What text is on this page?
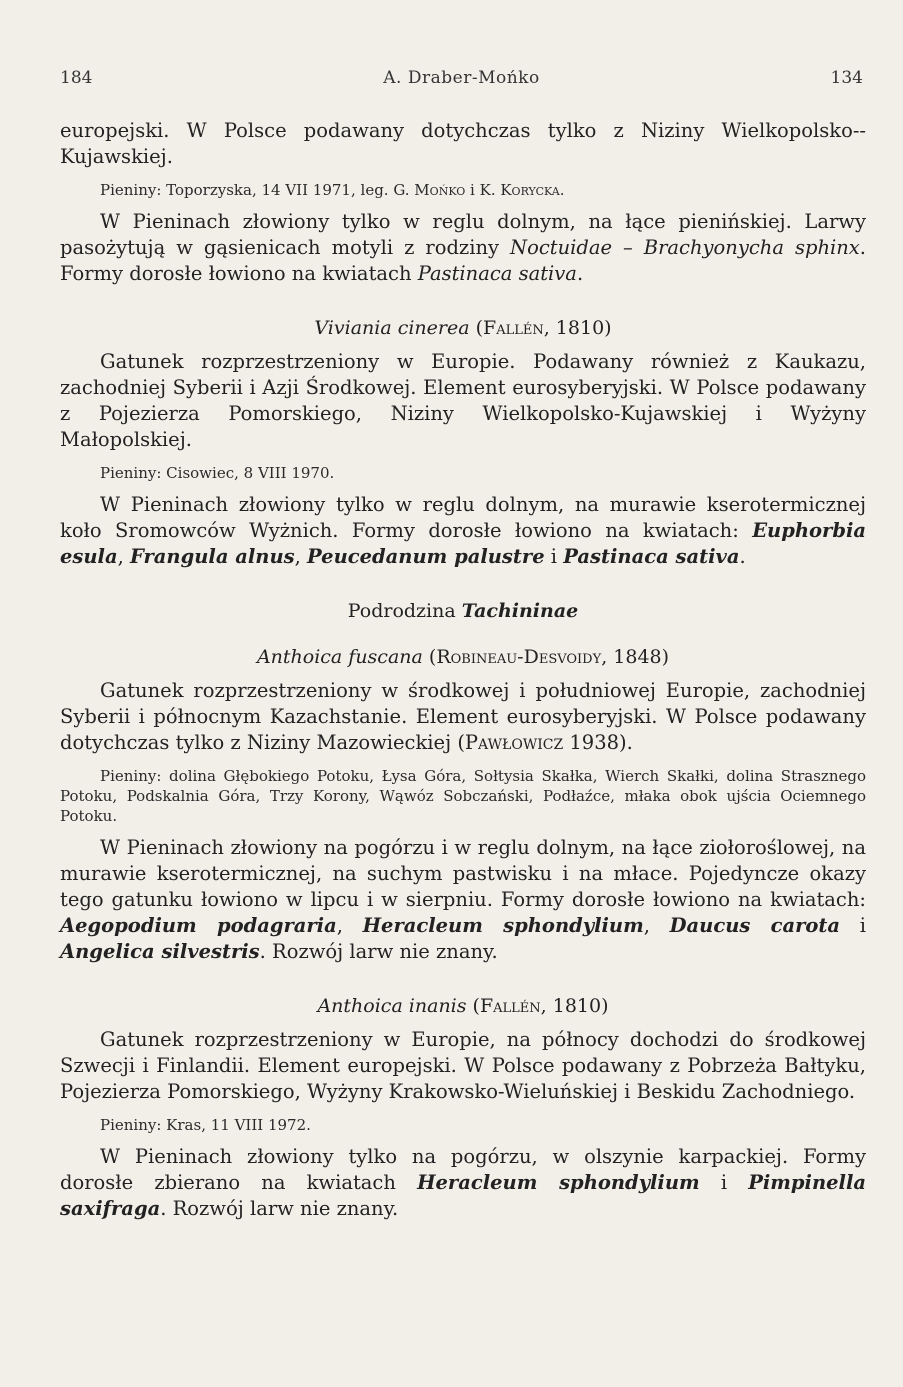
184	A. Draber-Mońko	134

europejski. W Polsce podawany dotychczas tylko z Niziny Wielkopolsko--Kujawskiej.

Pieniny: Toporzyska, 14 VII 1971, leg. G. Mońko i K. Korycka.

W Pieninach złowiony tylko w reglu dolnym, na łące pienińskiej. Larwy pasożytują w gąsienicach motyli z rodziny Noctuidae – Brachyonycha sphinx. Formy dorosłe łowiono na kwiatach Pastinaca sativa.

Viviania cinerea (Fallén, 1810)

Gatunek rozprzestrzeniony w Europie. Podawany również z Kaukazu, zachodniej Syberii i Azji Środkowej. Element eurosyberyjski. W Polsce podawany z Pojezierza Pomorskiego, Niziny Wielkopolsko-Kujawskiej i Wyżyny Małopolskiej.

Pieniny: Cisowiec, 8 VIII 1970.

W Pieninach złowiony tylko w reglu dolnym, na murawie kserotermicznej koło Sromowców Wyżnich. Formy dorosłe łowiono na kwiatach: Euphorbia esula, Frangula alnus, Peucedanum palustre i Pastinaca sativa.

Podrodzina Tachininae

Anthoica fuscana (Robineau-Desvoidy, 1848)

Gatunek rozprzestrzeniony w środkowej i południowej Europie, zachodniej Syberii i północnym Kazachstanie. Element eurosyberyjski. W Polsce podawany dotychczas tylko z Niziny Mazowieckiej (Pawłowicz 1938).

Pieniny: dolina Głębokiego Potoku, Łysa Góra, Sołtysia Skałka, Wierch Skałki, dolina Strasznego Potoku, Podskalnia Góra, Trzy Korony, Wąwóz Sobczański, Podłaźce, młaka obok ujścia Ociemnego Potoku.

W Pieninach złowiony na pogórzu i w reglu dolnym, na łące ziołoroślowej, na murawie kserotermicznej, na suchym pastwisku i na młace. Pojedyncze okazy tego gatunku łowiono w lipcu i w sierpniu. Formy dorosłe łowiono na kwiatach: Aegopodium podagraria, Heracleum sphondylium, Daucus carota i Angelica silvestris. Rozwój larw nie znany.

Anthoica inanis (Fallén, 1810)

Gatunek rozprzestrzeniony w Europie, na północy dochodzi do środkowej Szwecji i Finlandii. Element europejski. W Polsce podawany z Pobrzeża Bałtyku, Pojezierza Pomorskiego, Wyżyny Krakowsko-Wieluńskiej i Beskidu Zachodniego.

Pieniny: Kras, 11 VIII 1972.

W Pieninach złowiony tylko na pogórzu, w olszynie karpackiej. Formy dorosłe zbierano na kwiatach Heracleum sphondylium i Pimpinella saxifraga. Rozwój larw nie znany.
